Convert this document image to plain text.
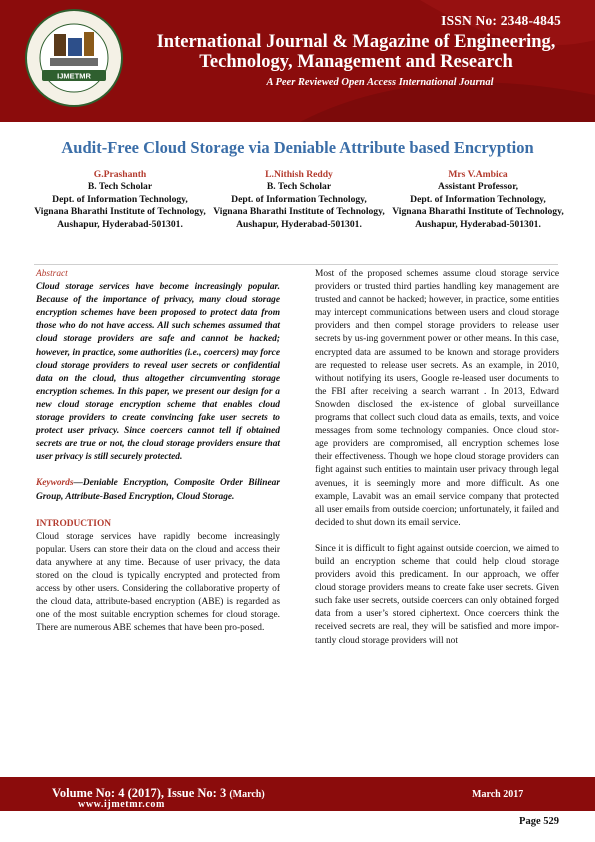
IJMETMR
ISSN No: 2348-4845
International Journal & Magazine of Engineering,
Technology, Management and Research
A Peer Reviewed Open Access International Journal
Audit-Free Cloud Storage via Deniable Attribute based Encryption
G.Prashanth
B. Tech Scholar
Dept. of Information Technology,
Vignana Bharathi Institute of Technology,
Aushapur, Hyderabad-501301.
L.Nithish Reddy
B. Tech Scholar
Dept. of Information Technology,
Vignana Bharathi Institute of Technology,
Aushapur, Hyderabad-501301.
Mrs V.Ambica
Assistant Professor,
Dept. of Information Technology,
Vignana Bharathi Institute of Technology,
Aushapur, Hyderabad-501301.

Abstract

Cloud storage services have become increasingly popular. Because of the importance of privacy, many cloud storage encryption schemes have been proposed to protect data from those who do not have access. All such schemes assumed that cloud storage providers are safe and cannot be hacked; however, in practice, some authorities (i.e., coercers) may force cloud storage providers to reveal user secrets or confidential data on the cloud, thus altogether circumventing storage encryption schemes. In this paper, we present our design for a new cloud storage encryption scheme that enables cloud storage providers to create convincing fake user secrets to protect user privacy. Since coercers cannot tell if obtained secrets are true or not, the cloud storage providers ensure that user privacy is still securely protected.

Keywords—Deniable Encryption, Composite Order Bilinear Group, Attribute-Based Encryption, Cloud Storage.

INTRODUCTION

Cloud storage services have rapidly become increasingly popular. Users can store their data on the cloud and access their data anywhere at any time. Because of user privacy, the data stored on the cloud is typically encrypted and protected from access by other users. Considering the collaborative property of the cloud data, attribute-based encryption (ABE) is regarded as one of the most suitable encryption schemes for cloud storage. There are numerous ABE schemes that have been pro-posed.

Most of the proposed schemes assume cloud storage service providers or trusted third parties handling key management are trusted and cannot be hacked; however, in practice, some entities may intercept communications between users and cloud storage providers and then compel storage providers to release user secrets by us-ing government power or other means. In this case, encrypted data are assumed to be known and storage providers are requested to release user secrets. As an example, in 2010, without notifying its users, Google re-leased user documents to the FBI after receiving a search warrant . In 2013, Edward Snowden disclosed the ex-istence of global surveillance programs that collect such cloud data as emails, texts, and voice messages from some technology companies. Once cloud stor-age providers are compromised, all encryption schemes lose their effectiveness. Though we hope cloud storage providers can fight against such entities to maintain user privacy through legal avenues, it is seemingly more and more difficult. As one example, Lavabit was an email service company that protected all user emails from outside coercion; unfortunately, it failed and decided to shut down its email service.

Since it is difficult to fight against outside coercion, we aimed to build an encryption scheme that could help cloud storage providers avoid this predicament. In our approach, we offer cloud storage providers means to create fake user secrets. Given such fake user secrets, outside coercers can only obtained forged data from a user’s stored ciphertext. Once coercers think the received secrets are real, they will be satisfied and more impor-tantly cloud storage providers will not

Volume No: 4 (2017), Issue No: 3 (March)
www.ijmetmr.com
March 2017
Page 529
